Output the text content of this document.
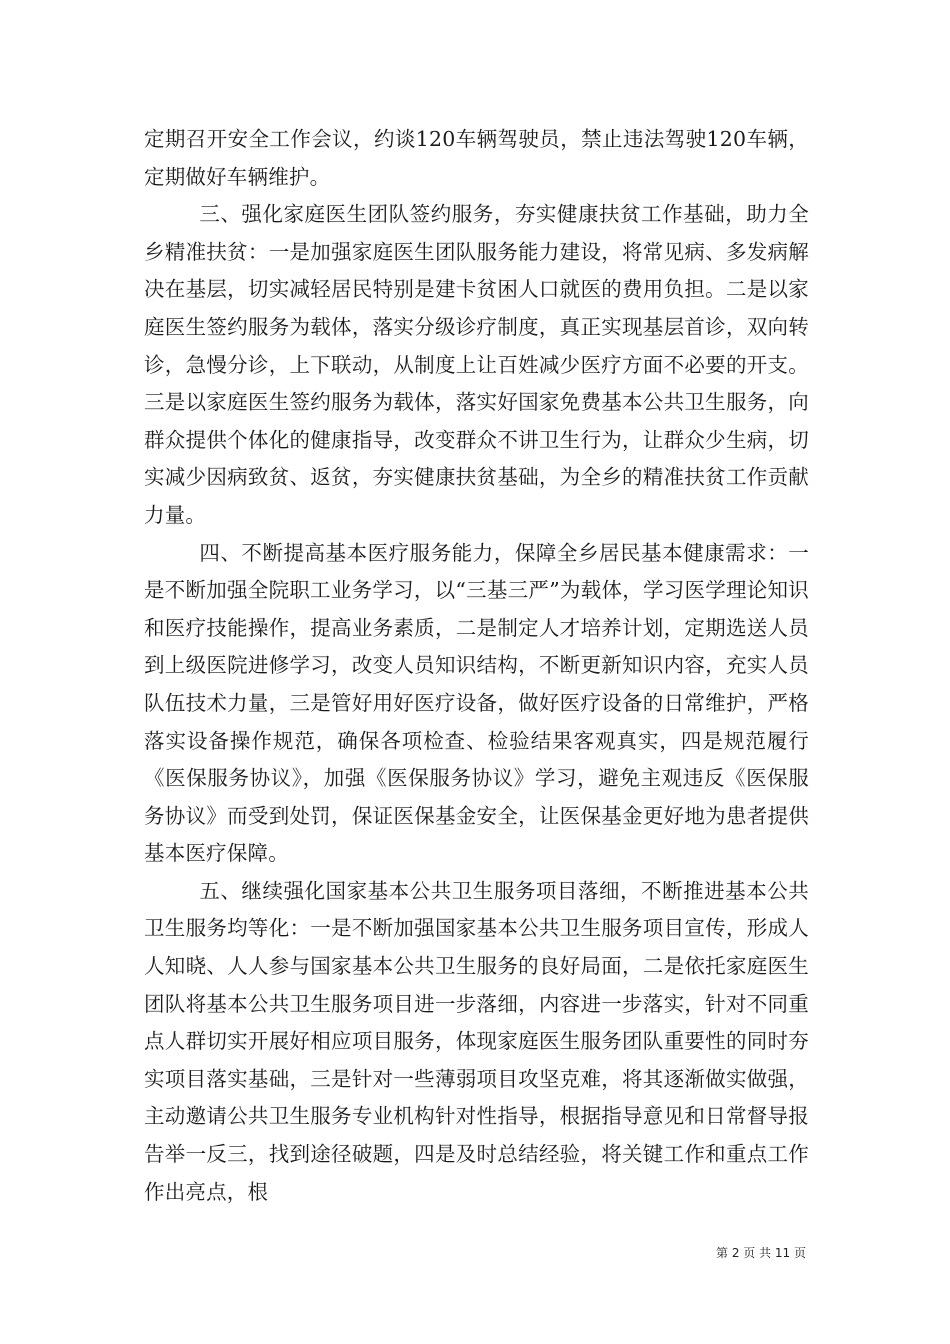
定期召开安全工作会议，约谈120车辆驾驶员，禁止违法驾驶120车辆，定期做好车辆维护。

三、强化家庭医生团队签约服务，夯实健康扶贫工作基础，助力全乡精准扶贫：一是加强家庭医生团队服务能力建设，将常见病、多发病解决在基层，切实减轻居民特别是建卡贫困人口就医的费用负担。二是以家庭医生签约服务为载体，落实分级诊疗制度，真正实现基层首诊，双向转诊，急慢分诊，上下联动，从制度上让百姓减少医疗方面不必要的开支。三是以家庭医生签约服务为载体，落实好国家免费基本公共卫生服务，向群众提供个体化的健康指导，改变群众不讲卫生行为，让群众少生病，切实减少因病致贫、返贫，夯实健康扶贫基础，为全乡的精准扶贫工作贡献力量。

四、不断提高基本医疗服务能力，保障全乡居民基本健康需求：一是不断加强全院职工业务学习，以“三基三严”为载体，学习医学理论知识和医疗技能操作，提高业务素质，二是制定人才培养计划，定期选送人员到上级医院进修学习，改变人员知识结构，不断更新知识内容，充实人员队伍技术力量，三是管好用好医疗设备，做好医疗设备的日常维护，严格落实设备操作规范，确保各项检查、检验结果客观真实，四是规范履行《医保服务协议》，加强《医保服务协议》学习，避免主观违反《医保服务协议》而受到处罚，保证医保基金安全，让医保基金更好地为患者提供基本医疗保障。

五、继续强化国家基本公共卫生服务项目落细，不断推进基本公共卫生服务均等化：一是不断加强国家基本公共卫生服务项目宣传，形成人人知晓、人人参与国家基本公共卫生服务的良好局面，二是依托家庭医生团队将基本公共卫生服务项目进一步落细，内容进一步落实，针对不同重点人群切实开展好相应项目服务，体现家庭医生服务团队重要性的同时夯实项目落实基础，三是针对一些薄弱项目攻坚克难，将其逐渐做实做强，主动邀请公共卫生服务专业机构针对性指导，根据指导意见和日常督导报告举一反三，找到途径破题，四是及时总结经验，将关键工作和重点工作作出亮点，根

第 2 页 共 11 页
